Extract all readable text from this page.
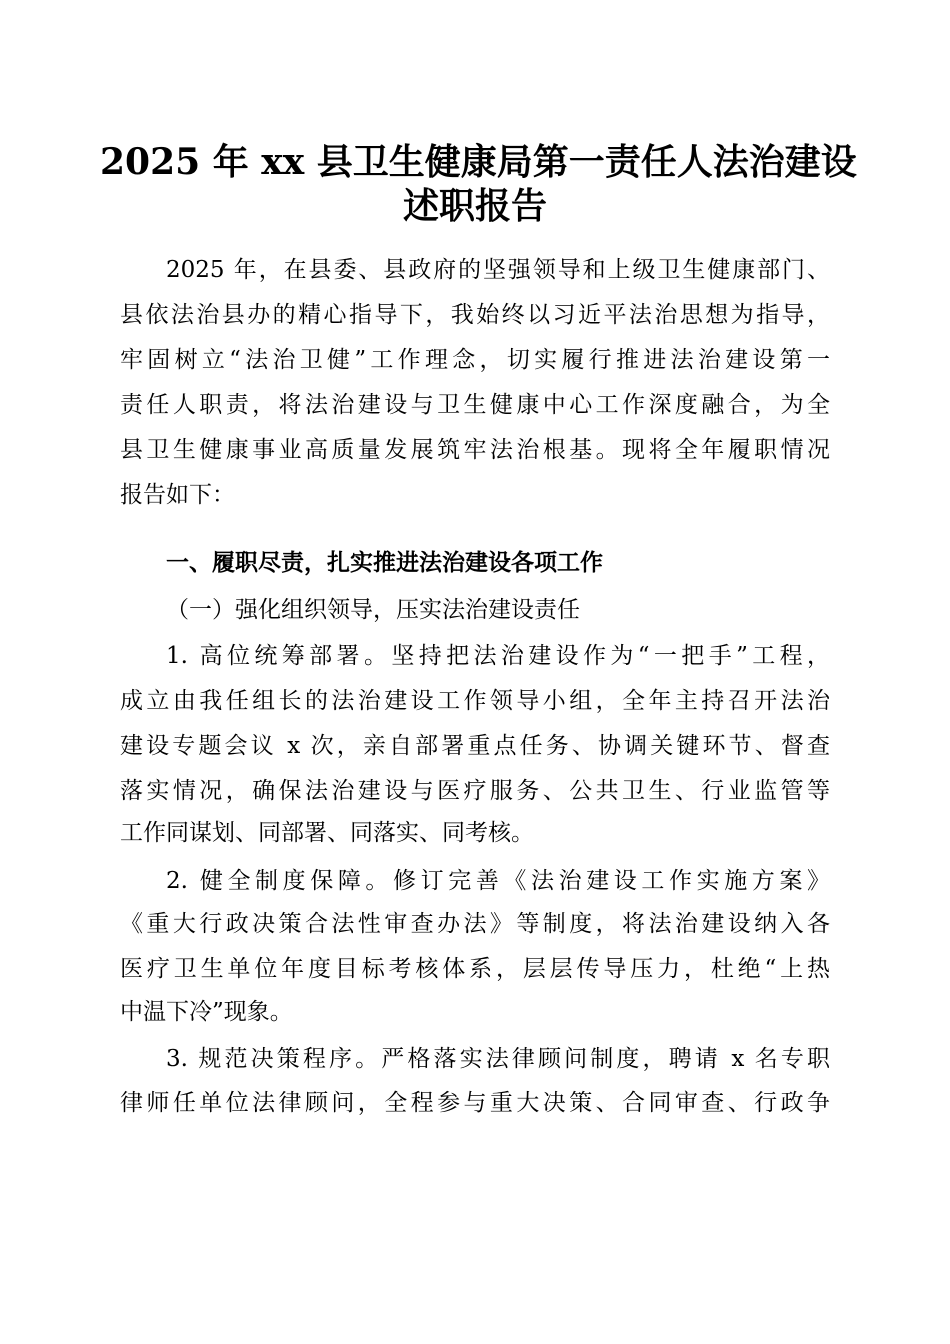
2025 年 xx 县卫生健康局第一责任人法治建设
述职报告
2025 年，在县委、县政府的坚强领导和上级卫生健康部门、
县依法治县办的精心指导下，我始终以习近平法治思想为指导，
牢固树立“法治卫健”工作理念，切实履行推进法治建设第一
责任人职责，将法治建设与卫生健康中心工作深度融合，为全
县卫生健康事业高质量发展筑牢法治根基。现将全年履职情况
报告如下：
一、履职尽责，扎实推进法治建设各项工作
（一）强化组织领导，压实法治建设责任
1. 高位统筹部署。坚持把法治建设作为“一把手”工程，
成立由我任组长的法治建设工作领导小组，全年主持召开法治
建设专题会议 x 次，亲自部署重点任务、协调关键环节、督查
落实情况，确保法治建设与医疗服务、公共卫生、行业监管等
工作同谋划、同部署、同落实、同考核。
2. 健全制度保障。修订完善《法治建设工作实施方案》
《重大行政决策合法性审查办法》等制度，将法治建设纳入各
医疗卫生单位年度目标考核体系，层层传导压力，杜绝“上热
中温下冷”现象。
3. 规范决策程序。严格落实法律顾问制度，聘请 x 名专职
律师任单位法律顾问，全程参与重大决策、合同审查、行政争
